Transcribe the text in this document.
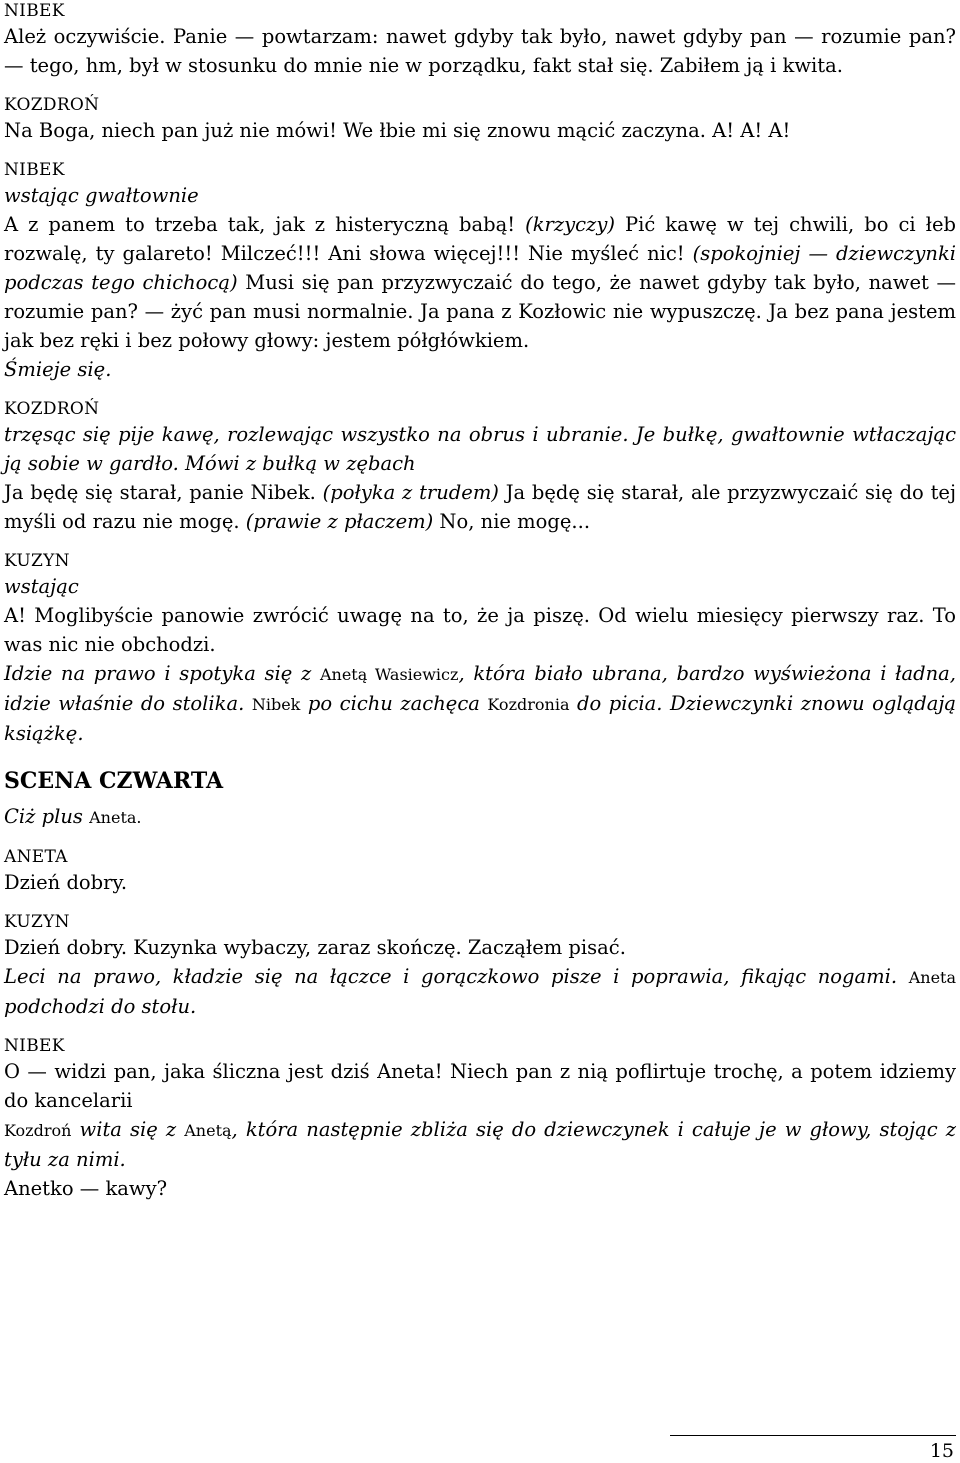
NIBEK

Ależ oczywiście. Panie — powtarzam: nawet gdyby tak było, nawet gdyby pan — rozumie pan? — tego, hm, był w stosunku do mnie nie w porządku, fakt stał się. Zabiłem ją i kwita.

KOZDROŃ

Na Boga, niech pan już nie mówi! We łbie mi się znowu mącić zaczyna. A! A! A!

NIBEK

wstając gwałtownie

A z panem to trzeba tak, jak z histeryczną babą! (krzyczy) Pić kawę w tej chwili, bo ci łeb rozwalę, ty galareto! Milczeć!!! Ani słowa więcej!!! Nie myśleć nic! (spokojniej — dziewczynki podczas tego chichocą) Musi się pan przyzwyczaić do tego, że nawet gdyby tak było, nawet — rozumie pan? — żyć pan musi normalnie. Ja pana z Kozłowic nie wypuszczę. Ja bez pana jestem jak bez ręki i bez połowy głowy: jestem półgłówkiem.

Śmieje się.

KOZDROŃ

trzęsąc się pije kawę, rozlewając wszystko na obrus i ubranie. Je bułkę, gwałtownie wtłaczając ją sobie w gardło. Mówi z bułką w zębach

Ja będę się starał, panie Nibek. (połyka z trudem) Ja będę się starał, ale przyzwyczaić się do tej myśli od razu nie mogę. (prawie z płaczem) No, nie mogę...

KUZYN

wstając

A! Moglibyście panowie zwrócić uwagę na to, że ja piszę. Od wielu miesięcy pierwszy raz. To was nic nie obchodzi.

Idzie na prawo i spotyka się z Anetą Wasiewicz, która biało ubrana, bardzo wyświeżona i ładna, idzie właśnie do stolika. Nibek po cichu zachęca Kozdronia do picia. Dziewczynki znowu oglądają książkę.

SCENA CZWARTA

Ciż plus Aneta.

ANETA

Dzień dobry.

KUZYN

Dzień dobry. Kuzynka wybaczy, zaraz skończę. Zacząłem pisać.

Leci na prawo, kładzie się na łączce i gorączkowo pisze i poprawia, fikając nogami. Aneta podchodzi do stołu.

NIBEK

O — widzi pan, jaka śliczna jest dziś Aneta! Niech pan z nią poflirtuje trochę, a potem idziemy do kancelarii

Kozdroń wita się z Anetą, która następnie zbliża się do dziewczynek i całuje je w głowy, stojąc z tyłu za nimi.

Anetko — kawy?

15
